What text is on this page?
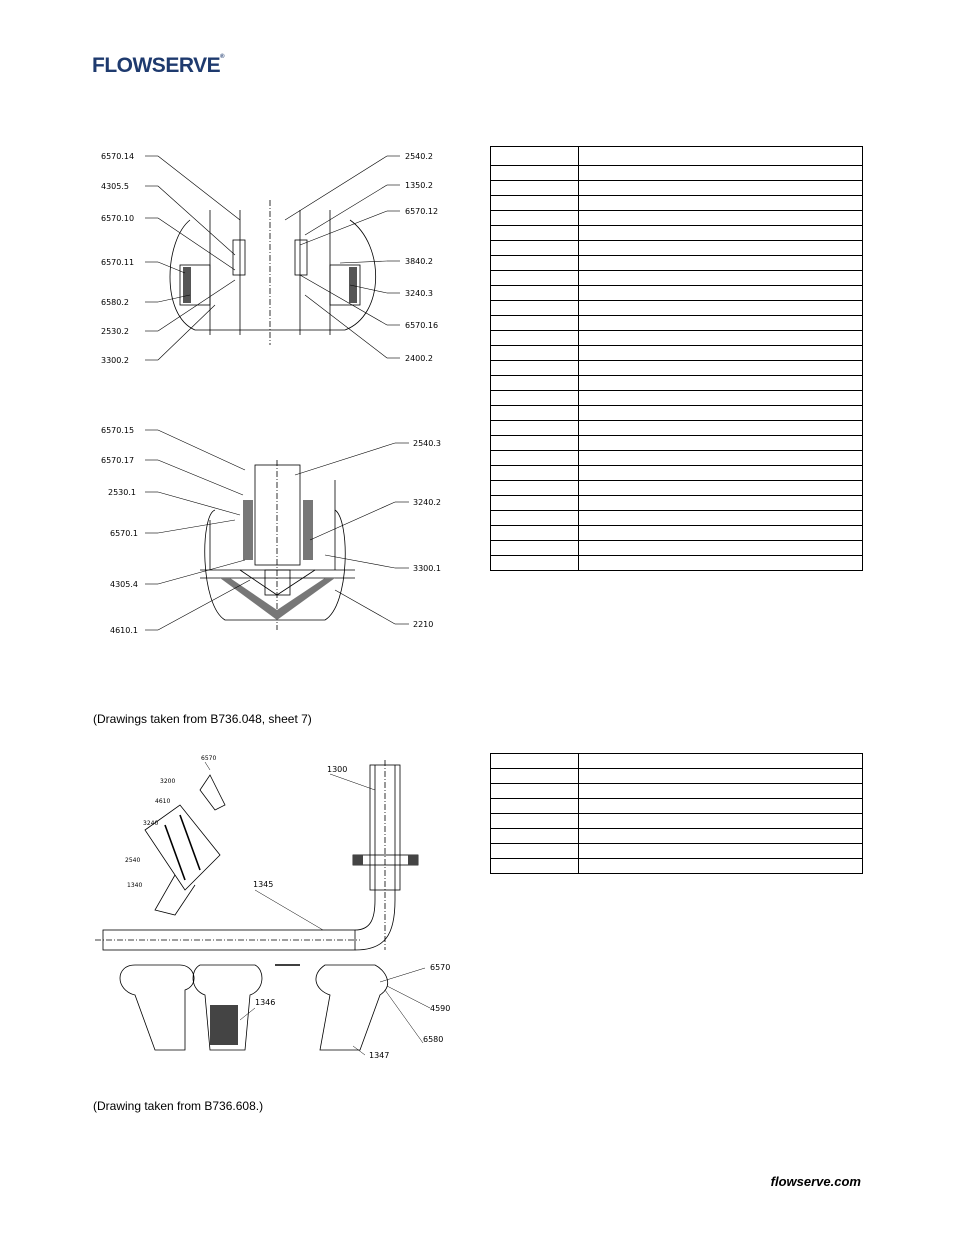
FLOWSERVE®
6570.14
4305.5
6570.10
6570.11
6580.2
2530.2
3300.2
2540.2
1350.2
6570.12
3840.2
3240.3
6570.16
2400.2
6570.15
6570.17
2530.1
6570.1
4305.4
4610.1
2540.3
3240.2
3300.1
2210
(Drawings taken from B736.048, sheet 7)
6570
3200
4610
3240
2540
1340
1300
1345
1346
6570
4590
6580
1347
(Drawing taken from B736.608.)

flowserve.com
